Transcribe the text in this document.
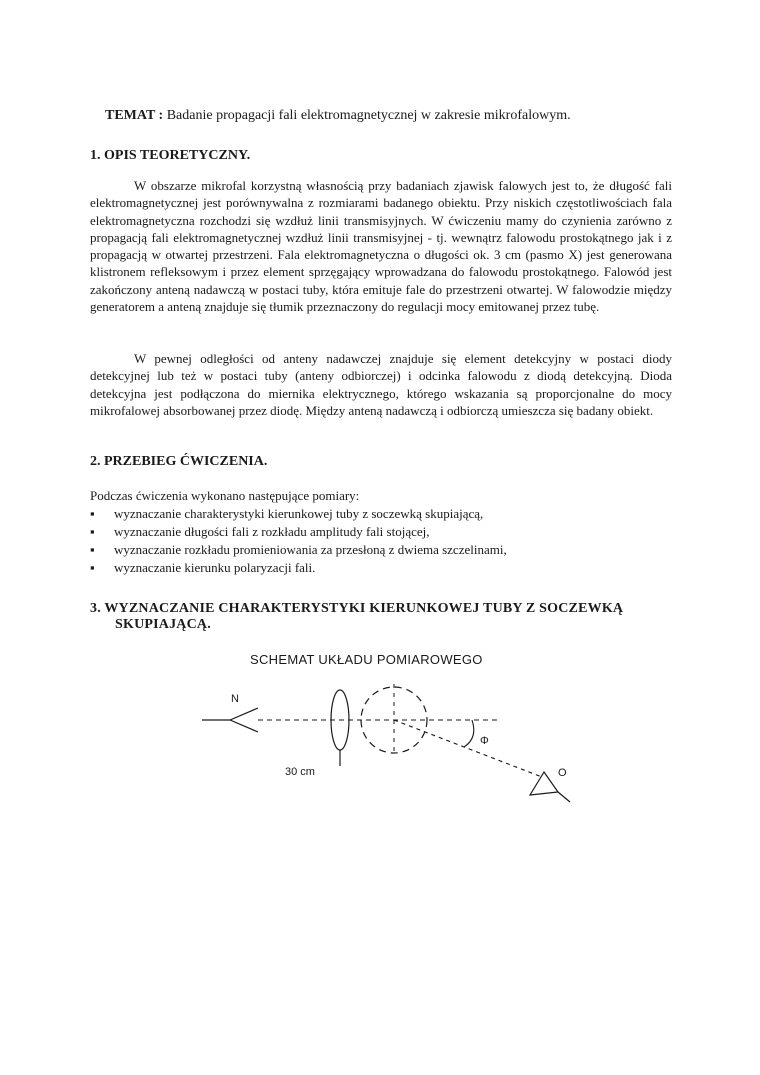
TEMAT : Badanie propagacji fali elektromagnetycznej w zakresie mikrofalowym.
1. OPIS TEORETYCZNY.
W obszarze mikrofal korzystną własnością przy badaniach zjawisk falowych jest to, że długość fali elektromagnetycznej jest porównywalna z rozmiarami badanego obiektu. Przy niskich częstotliwościach fala elektromagnetyczna rozchodzi się wzdłuż linii transmisyjnych. W ćwiczeniu mamy do czynienia zarówno z propagacją fali elektromagnetycznej wzdłuż linii transmisyjnej - tj. wewnątrz falowodu prostokątnego jak i z propagacją w otwartej przestrzeni. Fala elektromagnetyczna o długości ok. 3 cm (pasmo X) jest generowana klistronem refleksowym i przez element sprzęgający wprowadzana do falowodu prostokątnego. Falowód jest zakończony anteną nadawczą w postaci tuby, która emituje fale do przestrzeni otwartej. W falowodzie między generatorem a anteną znajduje się tłumik przeznaczony do regulacji mocy emitowanej przez tubę.
W pewnej odległości od anteny nadawczej znajduje się element detekcyjny w postaci diody detekcyjnej lub też w postaci tuby (anteny odbiorczej) i odcinka falowodu z diodą detekcyjną. Dioda detekcyjna jest podłączona do miernika elektrycznego, którego wskazania są proporcjonalne do mocy mikrofalowej absorbowanej przez diodę. Między anteną nadawczą i odbiorczą umieszcza się badany obiekt.
2. PRZEBIEG ĆWICZENIA.
Podczas ćwiczenia wykonano następujące pomiary:
▪ wyznaczanie charakterystyki kierunkowej tuby z soczewką skupiającą,
▪ wyznaczanie długości fali z rozkładu amplitudy fali stojącej,
▪ wyznaczanie rozkładu promieniowania za przesłoną z dwiema szczelinami,
▪ wyznaczanie kierunku polaryzacji fali.
3. WYZNACZANIE CHARAKTERYSTYKI KIERUNKOWEJ TUBY Z SOCZEWKĄ
SKUPIAJĄCĄ.
SCHEMAT UKŁADU POMIAROWEGO
N
Φ
O
30 cm
